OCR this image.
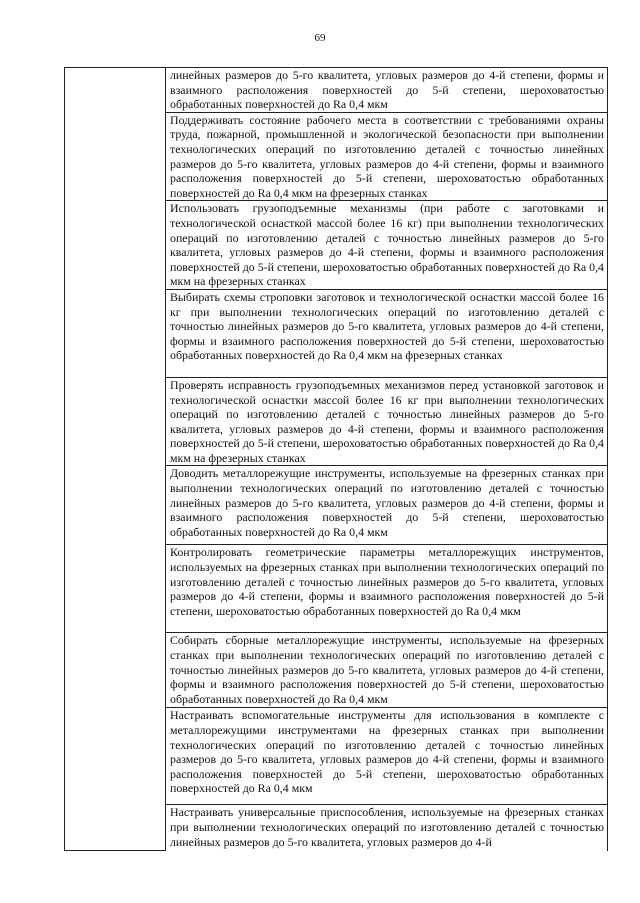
69
	линейных размеров до 5-го квалитета, угловых размеров до 4-й степени, формы и взаимного расположения поверхностей до 5-й степени, шероховатостью обработанных поверхностей до Ra 0,4 мкм
Поддерживать состояние рабочего места в соответствии с требованиями охраны труда, пожарной, промышленной и экологической безопасности при выполнении технологических операций по изготовлению деталей с точностью линейных размеров до 5-го квалитета, угловых размеров до 4-й степени, формы и взаимного расположения поверхностей до 5-й степени, шероховатостью обработанных поверхностей до Ra 0,4 мкм на фрезерных станках
Использовать грузоподъемные механизмы (при работе с заготовками и технологической оснасткой массой более 16 кг) при выполнении технологических операций по изготовлению деталей с точностью линейных размеров до 5-го квалитета, угловых размеров до 4-й степени, формы и взаимного расположения поверхностей до 5-й степени, шероховатостью обработанных поверхностей до Ra 0,4 мкм на фрезерных станках
Выбирать схемы строповки заготовок и технологической оснастки массой более 16 кг при выполнении технологических операций по изготовлению деталей с точностью линейных размеров до 5-го квалитета, угловых размеров до 4-й степени, формы и взаимного расположения поверхностей до 5-й степени, шероховатостью обработанных поверхностей до Ra 0,4 мкм на фрезерных станках
Проверять исправность грузоподъемных механизмов перед установкой заготовок и технологической оснастки массой более 16 кг при выполнении технологических операций по изготовлению деталей с точностью линейных размеров до 5-го квалитета, угловых размеров до 4-й степени, формы и взаимного расположения поверхностей до 5-й степени, шероховатостью обработанных поверхностей до Ra 0,4 мкм на фрезерных станках
Доводить металлорежущие инструменты, используемые на фрезерных станках при выполнении технологических операций по изготовлению деталей с точностью линейных размеров до 5-го квалитета, угловых размеров до 4-й степени, формы и взаимного расположения поверхностей до 5-й степени, шероховатостью обработанных поверхностей до Ra 0,4 мкм
Контролировать геометрические параметры металлорежущих инструментов, используемых на фрезерных станках при выполнении технологических операций по изготовлению деталей с точностью линейных размеров до 5-го квалитета, угловых размеров до 4-й степени, формы и взаимного расположения поверхностей до 5-й степени, шероховатостью обработанных поверхностей до Ra 0,4 мкм
Собирать сборные металлорежущие инструменты, используемые на фрезерных станках при выполнении технологических операций по изготовлению деталей с точностью линейных размеров до 5-го квалитета, угловых размеров до 4-й степени, формы и взаимного расположения поверхностей до 5-й степени, шероховатостью обработанных поверхностей до Ra 0,4 мкм
Настраивать вспомогательные инструменты для использования в комплекте с металлорежущими инструментами на фрезерных станках при выполнении технологических операций по изготовлению деталей с точностью линейных размеров до 5-го квалитета, угловых размеров до 4-й степени, формы и взаимного расположения поверхностей до 5-й степени, шероховатостью обработанных поверхностей до Ra 0,4 мкм
Настраивать универсальные приспособления, используемые на фрезерных станках при выполнении технологических операций по изготовлению деталей с точностью линейных размеров до 5-го квалитета, угловых размеров до 4-й
